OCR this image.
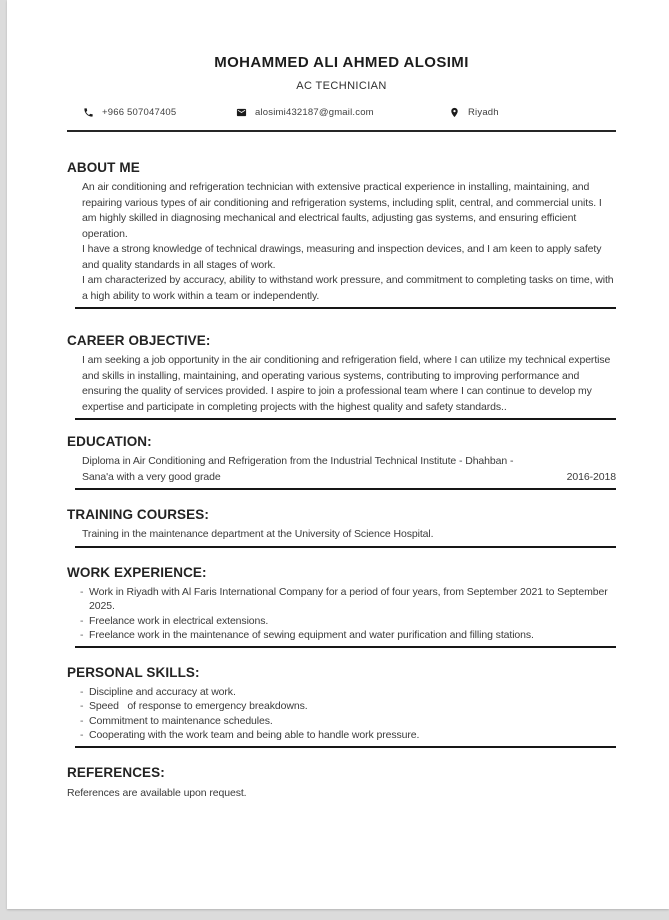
MOHAMMED ALI AHMED ALOSIMI
AC TECHNICIAN
+966 507047405	alosimi432187@gmail.com	Riyadh
ABOUT ME

An air conditioning and refrigeration technician with extensive practical experience in installing, maintaining, and repairing various types of air conditioning and refrigeration systems, including split, central, and commercial units. I am highly skilled in diagnosing mechanical and electrical faults, adjusting gas systems, and ensuring efficient operation.

I have a strong knowledge of technical drawings, measuring and inspection devices, and I am keen to apply safety and quality standards in all stages of work.

I am characterized by accuracy, ability to withstand work pressure, and commitment to completing tasks on time, with a high ability to work within a team or independently.

CAREER OBJECTIVE:

I am seeking a job opportunity in the air conditioning and refrigeration field, where I can utilize my technical expertise and skills in installing, maintaining, and operating various systems, contributing to improving performance and ensuring the quality of services provided. I aspire to join a professional team where I can continue to develop my expertise and participate in completing projects with the highest quality and safety standards..

EDUCATION:

Diploma in Air Conditioning and Refrigeration from the Industrial Technical Institute - Dhahban - Sana'a with a very good grade	2016-2018
TRAINING COURSES:

Training in the maintenance department at the University of Science Hospital.

WORK EXPERIENCE:
- Work in Riyadh with Al Faris International Company for a period of four years, from September 2021 to September 2025.
- Freelance work in electrical extensions.
- Freelance work in the maintenance of sewing equipment and water purification and filling stations.
PERSONAL SKILLS:
- Discipline and accuracy at work.
- Speed   of response to emergency breakdowns.
- Commitment to maintenance schedules.
- Cooperating with the work team and being able to handle work pressure.
REFERENCES:
References are available upon request.
